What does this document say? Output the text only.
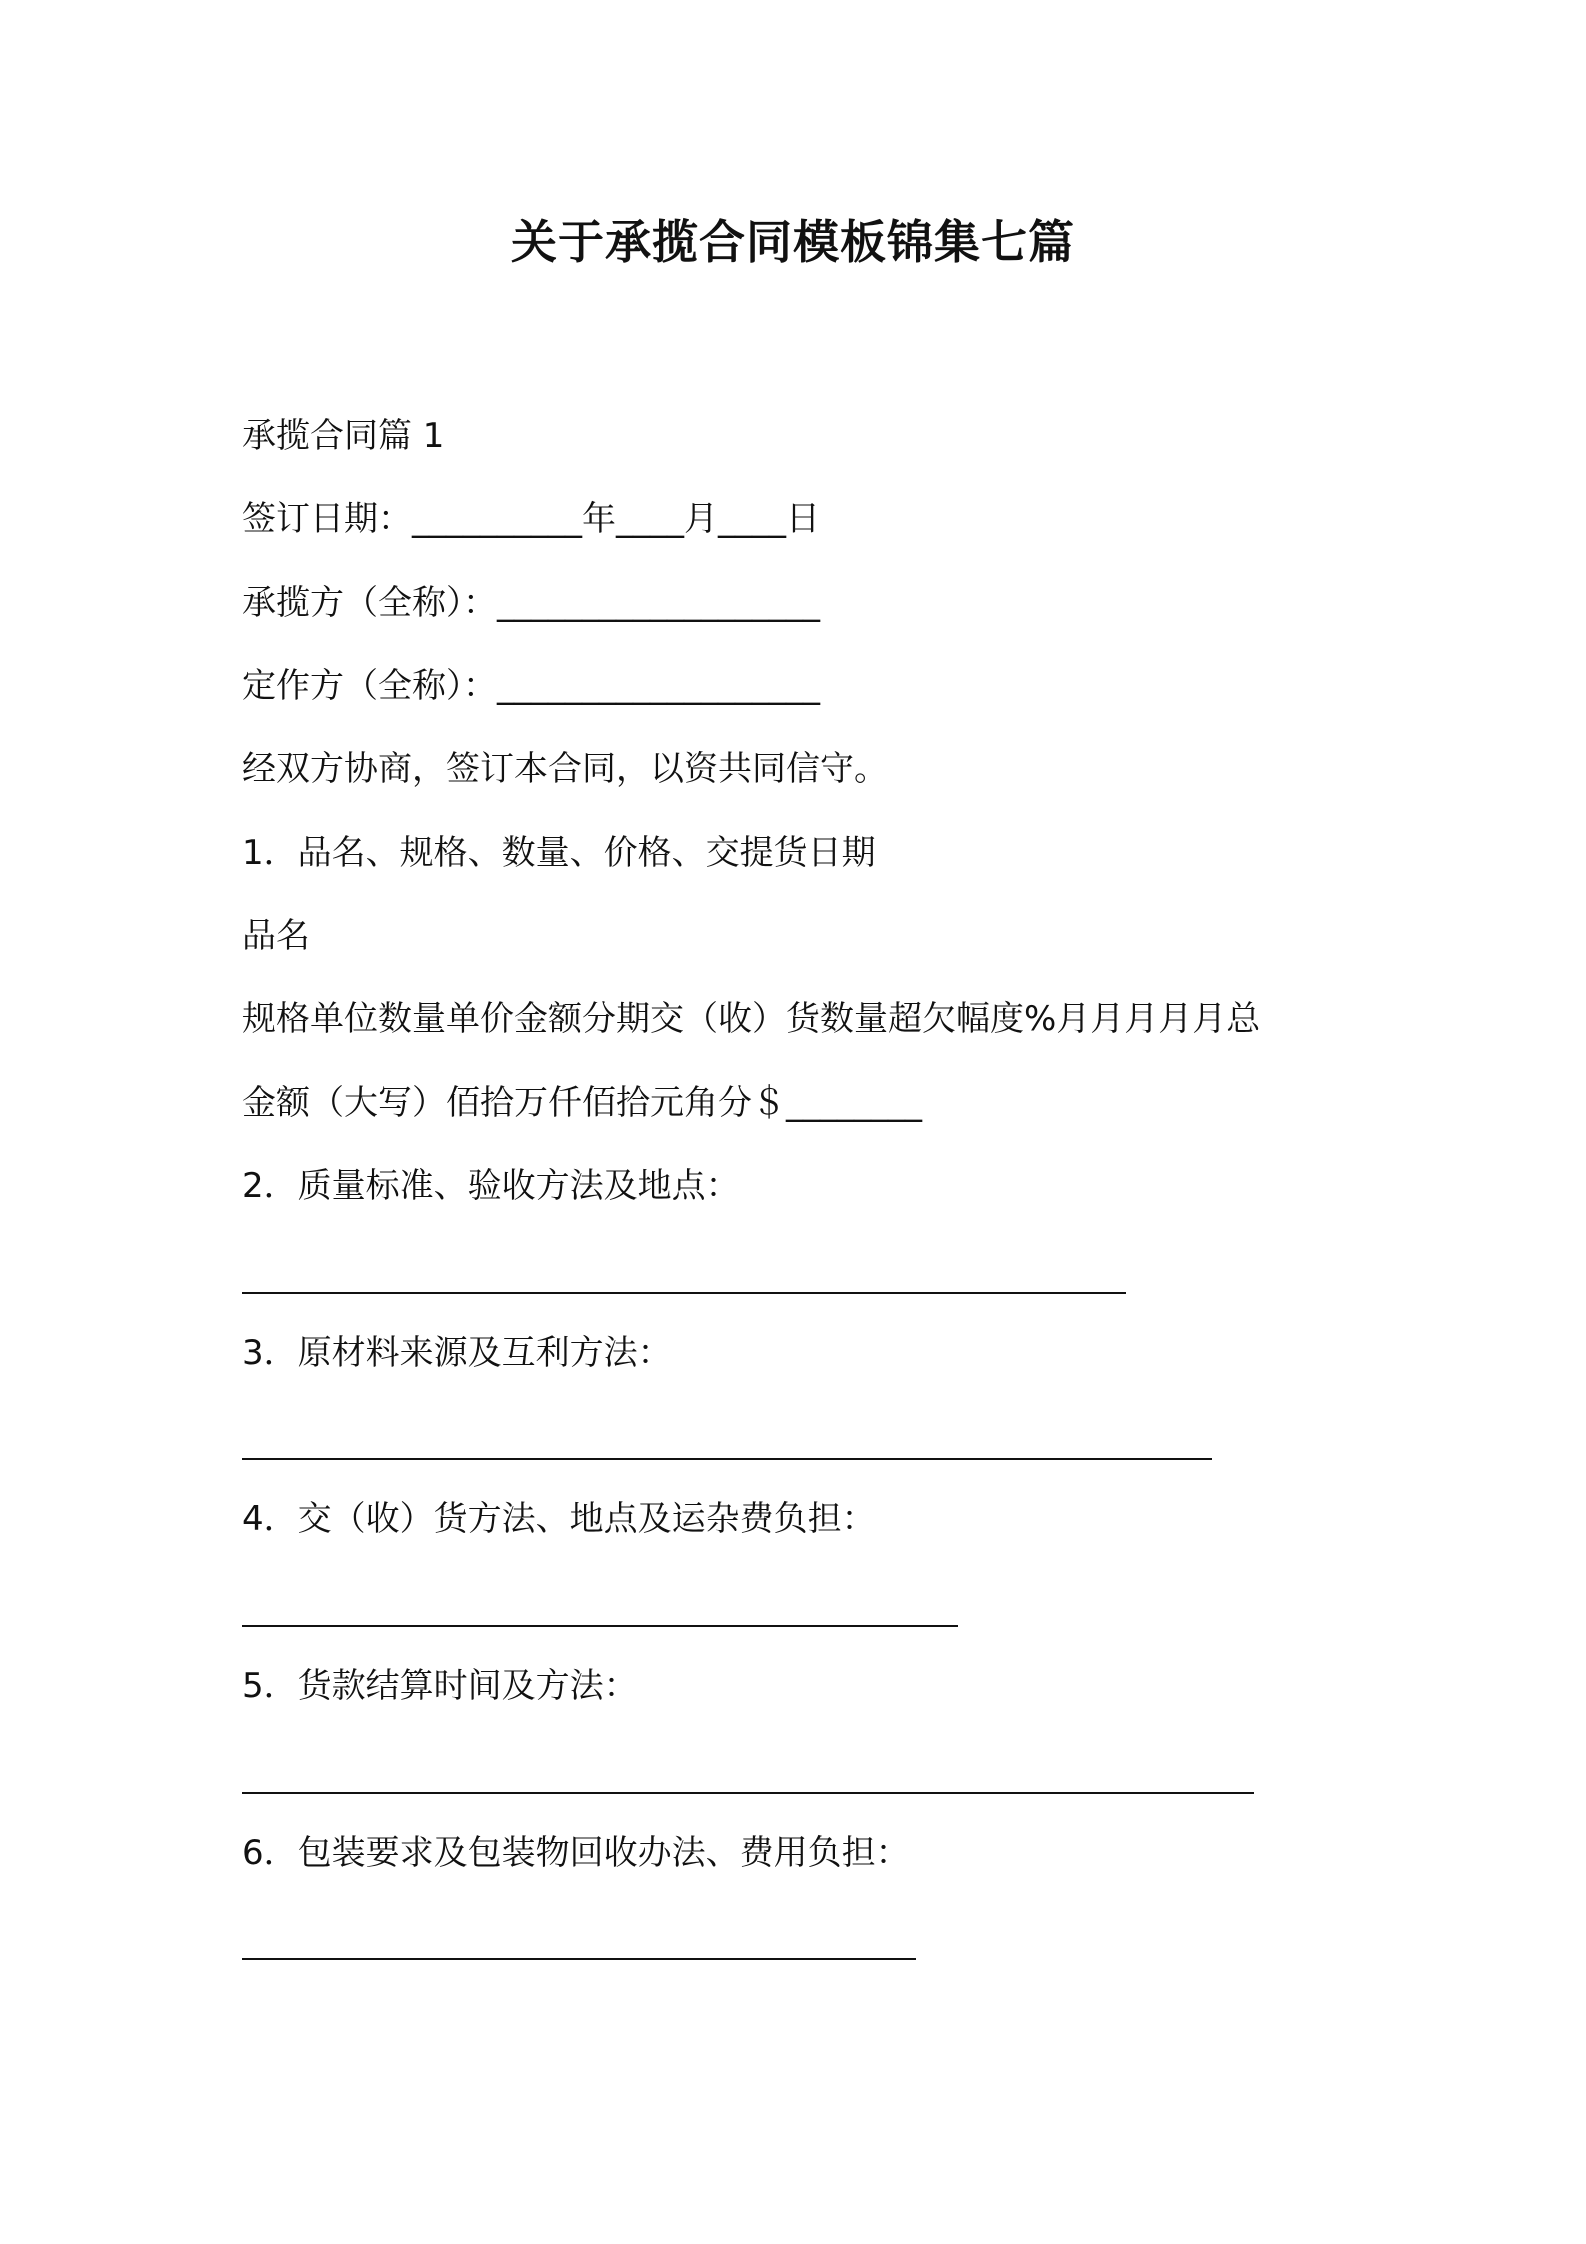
关于承揽合同模板锦集七篇
承揽合同篇 1
签订日期：__________年____月____日
承揽方（全称）：___________________
定作方（全称）：___________________
经双方协商，签订本合同，以资共同信守。
1．品名、规格、数量、价格、交提货日期
品名
规格单位数量单价金额分期交（收）货数量超欠幅度%月月月月月总
金额（大写）佰拾万仟佰拾元角分＄________
2．质量标准、验收方法及地点：
3．原材料来源及互利方法：
4．交（收）货方法、地点及运杂费负担：
5．货款结算时间及方法：
6．包装要求及包装物回收办法、费用负担：
